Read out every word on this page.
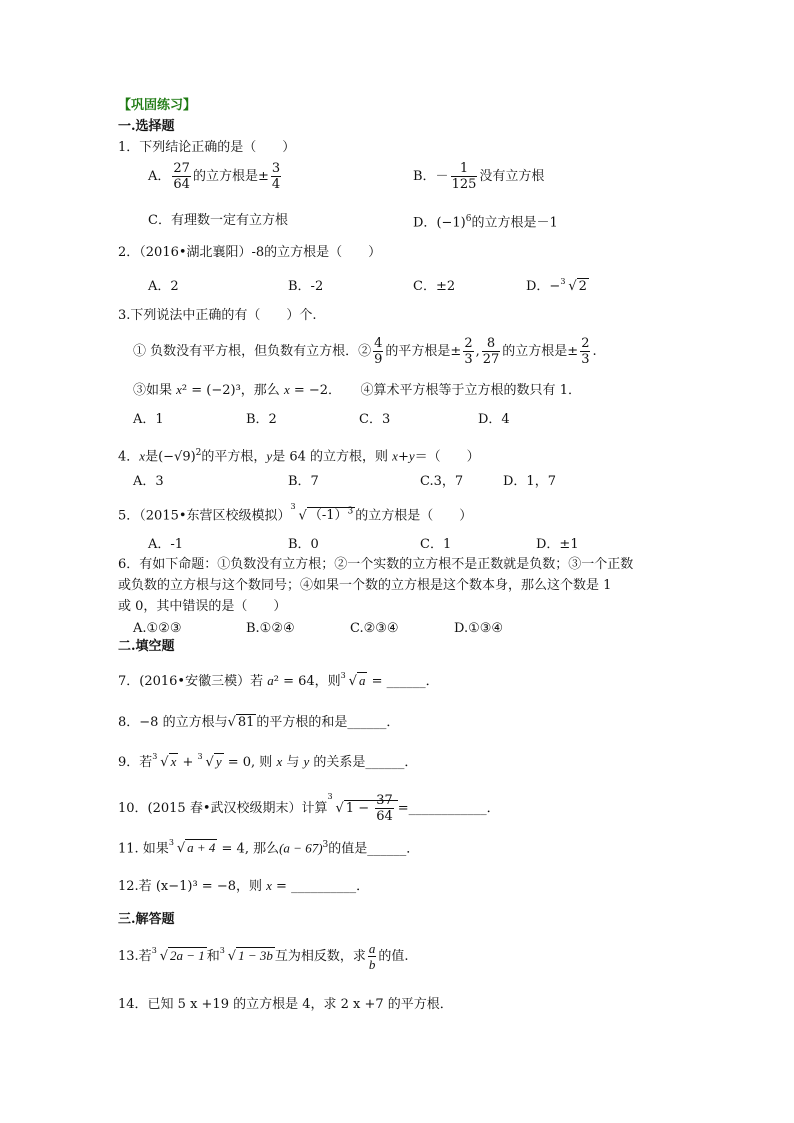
【巩固练习】
一.选择题
1．下列结论正确的是（　　）
A． $\frac{27}{64}$ 的立方根是± $\frac{3}{4}$	B．－ $\frac{1}{125}$ 没有立方根
C．有理数一定有立方根	D．$(-1)^6$的立方根是－1
2．（2016•湖北襄阳）-8的立方根是（　　）
A．2	B．-2	C．±2	D．− 3 √ 2
3.下列说法中正确的有（　　）个.
① 负数没有平方根，但负数有立方根．② $\frac{4}{9}$ 的平方根是± $\frac{2}{3}$ , $\frac{8}{27}$ 的立方根是± $\frac{2}{3}$ .
③如果 x² = (−2)³，那么 x = −2．　　④算术平方根等于立方根的数只有 1．
A．1	B．2	C．3	D．4
4．x是$(-√9)^2$的平方根，y是 64 的立方根，则 x+y＝（　　）
A．3	B．7	C.3，7	D．1，7
5．（2015•东营区校级模拟）
3
√ $(-1)^3$ 的立方根是（　　）
A．-1	B．0	C．1	D．±1
6．有如下命题：①负数没有立方根；②一个实数的立方根不是正数就是负数；③一个正数
或负数的立方根与这个数同号；④如果一个数的立方根是这个数本身，那么这个数是 1
或 0，其中错误的是（　　）
A.①②③	B.①②④	C.②③④	D.①③④
二.填空题
7．(2016•安徽三模）若 a² = 64，则 3 √ a = ______．
8．−8 的立方根与√ 81 的平方根的和是______．
9．若 3 √ x + 3 √ y = 0, 则 x 与 y 的关系是______．
10．(2015 春•武汉校级期末）计算
3
√ $1 - \frac{37}{64}$ =____________．
11. 如果 3 √ a + 4 = 4, 那么$(a - 67)^3$的值是______．
12.若 (x−1)³ = −8，则 x = __________．
三.解答题
13.若 3 √ 2a − 1 和 3 √ 1 − 3b 互为相反数，求 $\frac{a}{b}$ 的值.
14．已知 5 x +19 的立方根是 4，求 2 x +7 的平方根．
